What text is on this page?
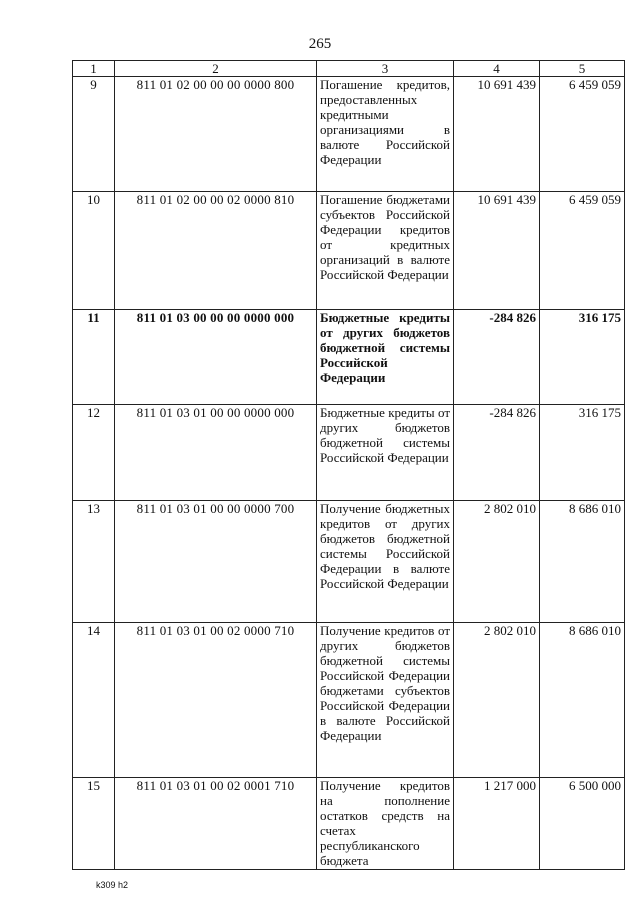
265
1	2	3	4	5
9	811 01 02 00 00 00 0000 800	Погашение кредитов, предоставленных кредитными организациями в валюте Российской Федерации	10 691 439	6 459 059
10	811 01 02 00 00 02 0000 810	Погашение бюджетами субъектов Российской Федерации кредитов от кредитных организаций в валюте Российской Федерации	10 691 439	6 459 059
11	811 01 03 00 00 00 0000 000	Бюджетные кредиты от других бюджетов бюджетной системы Российской Федерации	-284 826	316 175
12	811 01 03 01 00 00 0000 000	Бюджетные кредиты от других бюджетов бюджетной системы Российской Федерации	-284 826	316 175
13	811 01 03 01 00 00 0000 700	Получение бюджетных кредитов от других бюджетов бюджетной системы Российской Федерации в валюте Российской Федерации	2 802 010	8 686 010
14	811 01 03 01 00 02 0000 710	Получение кредитов от других бюджетов бюджетной системы Российской Федерации бюджетами субъектов Российской Федерации в валюте Российской Федерации	2 802 010	8 686 010
15	811 01 03 01 00 02 0001 710	Получение кредитов на пополнение остатков средств на счетах республиканского бюджета	1 217 000	6 500 000
k309 h2
